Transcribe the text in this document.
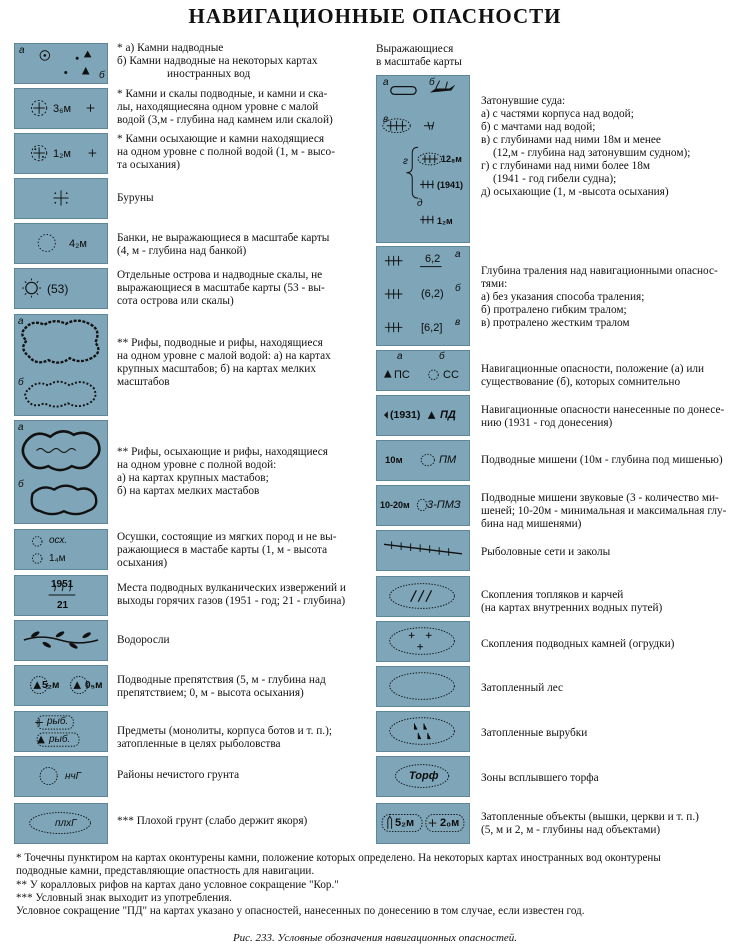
НАВИГАЦИОННЫЕ ОПАСНОСТИ
а
б
3₆м
1₂м
4₂м
(53)
а
б
а
б
осх.
1₄м
1951
21
5₂м	0₅м
рыб.
рыб.
нчГ
плхГ
* а) Камни надводные
б) Камни надводные на некоторых картах
иностранных вод
* Камни и скалы подводные, и камни и ска-
лы, находящиеcяна одном уровне с малой
водой (3,м - глубина над камнем или скалой)
* Камни осыхающие и камни находящиеся
на одном уровне с полной водой (1, м - выcо-
та осыхания)
Буруны
Банки, не выражающиеся в масштабе карты
(4, м - глубина над банкой)
Отдельные острова и надводные скалы, не
выражающиеся в масштабе карты (53 - вы-
сота острова или скалы)
** Рифы, подводные и рифы, находящиеся
на одном уровне с малой водой: а) на картах
крупных масштабов; б) на картах мелких
масштабов
** Рифы, осыхающие и рифы, находящиеся
на одном уровне с полной водой:
а) на картах крупных мастабов;
б) на картах мелких мастабов
Осушки, состоящие из мягких пород и не вы-
ражающиеся в мастабе карты (1, м - высота
осыхания)
Места подводных вулканических извержений и
выходы горячих газов (1951 - год; 21 - глубина)
Водоросли
Подводные препятствия (5, м - глубина над
препятствием; 0, м - высота осыхания)
Предметы (монолиты, корпуса ботов и т. п.);
затопленные в целях рыболовства
Районы нечистого грунта
*** Плохой грунт (слабо держит якоря)
Выражающиеся
в масштабе карты
а	б
в
г
д
12₈м
(1941)
1₂м
а
б
в
6,2
(6,2)
[6,2]
а	б
ПС	СС
(1931) ПД
10м	ПМ
10-20м 3-ПМЗ
Торф
5₂м 2₀м
Затонувшие суда:
а) с частями корпуса над водой;
б) с мачтами над водой;
в) с глубинами над ними 18м и менее
(12,м - глубина над затонувшим судном);
г) с глубинами над ними более 18м
(1941 - год гибели судна);
д) осыхающие (1, м -высота осыхания)
Глубина траления над навигационными опаснос-
тями:
а) без указания способа траления;
б) протралено гибким тралом;
в) протралено жестким тралом
Навигационные опасности, положение (а) или
существование (б), которых сомнительно
Навигационные опасности нанесенные по донесе-
нию (1931 - год донесения)
Подводные мишени (10м - глубина под мишенью)
Подводные мишени звуковые (3 - количество ми-
шеней; 10-20м - минимальная и максимальная глу-
бина над мишенями)
Рыболовные сети и заколы
Скопления топляков и карчей
(на картах внутренних водных путей)
Скопления подводных камней (огрудки)
Затопленный лес
Затопленные вырубки
Зоны всплывшего торфа
Затопленные объекты (вышки, церкви и т. п.)
(5, м и 2, м - глубины над объектами)
* Точечны пунктиром на картах оконтурены камни, положение которых определено. На некоторых картах иностранных вод оконтурены
подводные камни, представляющие опастность для навигации.
** У коралловых рифов на картах дано условное сокращение "Кор."
*** Условный знак выходит из употребления.
Условное сокращение "ПД" на картах указано у опасностей, нанесенных по донесению в том случае, если известен год.
Рис. 233. Условные обозначения навигационных опасностей.
